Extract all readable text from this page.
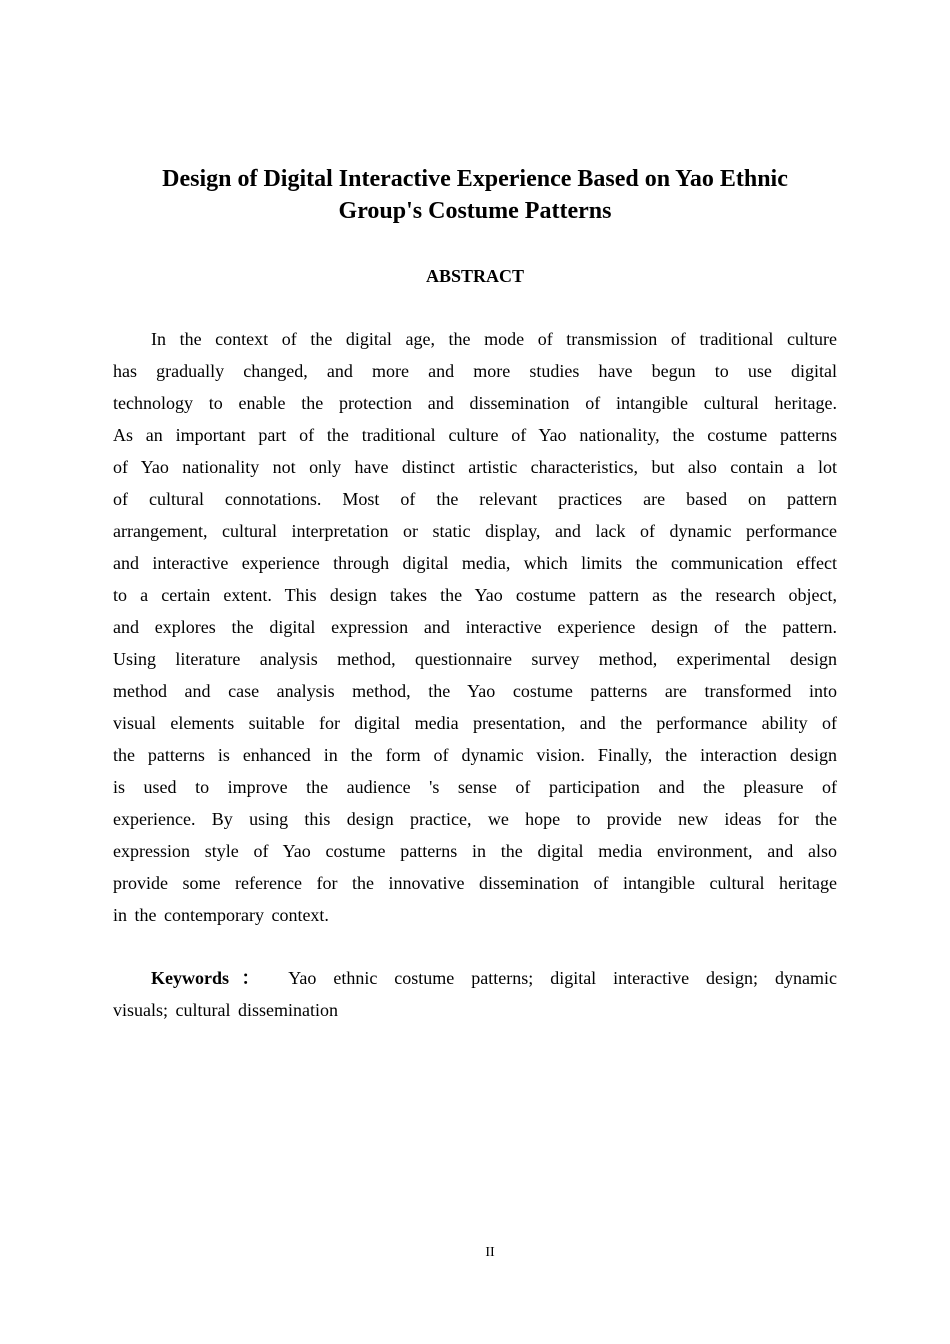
Design of Digital Interactive Experience Based on Yao Ethnic
Group's Costume Patterns
ABSTRACT
In the context of the digital age, the mode of transmission of traditional culture
has gradually changed, and more and more studies have begun to use digital
technology to enable the protection and dissemination of intangible cultural heritage.
As an important part of the traditional culture of Yao nationality, the costume patterns
of Yao nationality not only have distinct artistic characteristics, but also contain a lot
of cultural connotations. Most of the relevant practices are based on pattern
arrangement, cultural interpretation or static display, and lack of dynamic performance
and interactive experience through digital media, which limits the communication effect
to a certain extent. This design takes the Yao costume pattern as the research object,
and explores the digital expression and interactive experience design of the pattern.
Using literature analysis method, questionnaire survey method, experimental design
method and case analysis method, the Yao costume patterns are transformed into
visual elements suitable for digital media presentation, and the performance ability of
the patterns is enhanced in the form of dynamic vision. Finally, the interaction design
is used to improve the audience 's sense of participation and the pleasure of
experience. By using this design practice, we hope to provide new ideas for the
expression style of Yao costume patterns in the digital media environment, and also
provide some reference for the innovative dissemination of intangible cultural heritage
in the contemporary context.
Keywords： Yao ethnic costume patterns; digital interactive design; dynamic
visuals; cultural dissemination
II
